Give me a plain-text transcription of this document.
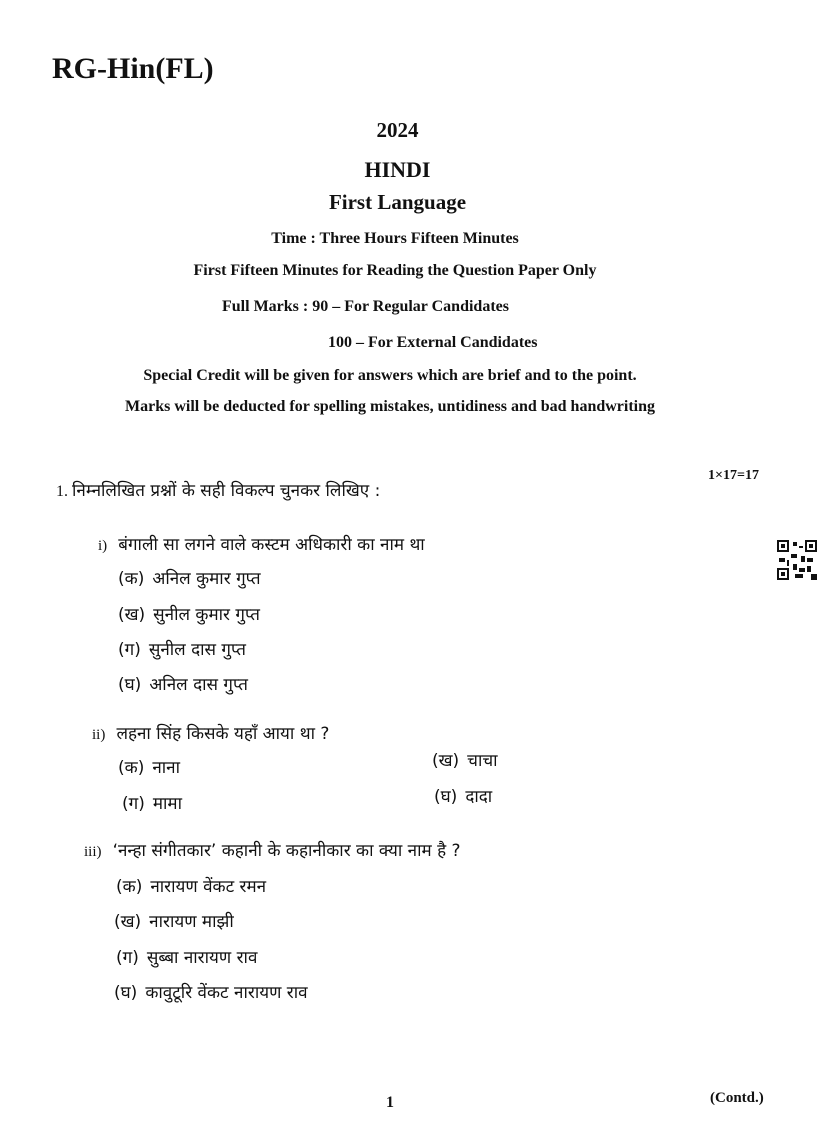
RG-Hin(FL)
2024
HINDI
First Language
Time : Three Hours Fifteen Minutes
First Fifteen Minutes for Reading the Question Paper Only
Full Marks : 90 – For Regular Candidates
100 – For External Candidates
Special Credit will be given for answers which are brief and to the point.
Marks will be deducted for spelling mistakes, untidiness and bad handwriting
1. निम्नलिखित प्रश्नों के सही विकल्प चुनकर लिखिए :
1×17=17
i) बंगाली सा लगने वाले कस्टम अधिकारी का नाम था
(क) अनिल कुमार गुप्त
(ख) सुनील कुमार गुप्त
(ग) सुनील दास गुप्त
(घ) अनिल दास गुप्त
ii) लहना सिंह किसके यहाँ आया था ?
(क) नाना	(ख) चाचा
(ग) मामा	(घ) दादा
iii) ‘नन्हा संगीतकार’ कहानी के कहानीकार का क्या नाम है ?
(क) नारायण वेंकट रमन
(ख) नारायण माझी
(ग) सुब्बा नारायण राव
(घ) कावुटूरि वेंकट नारायण राव
1	(Contd.)
